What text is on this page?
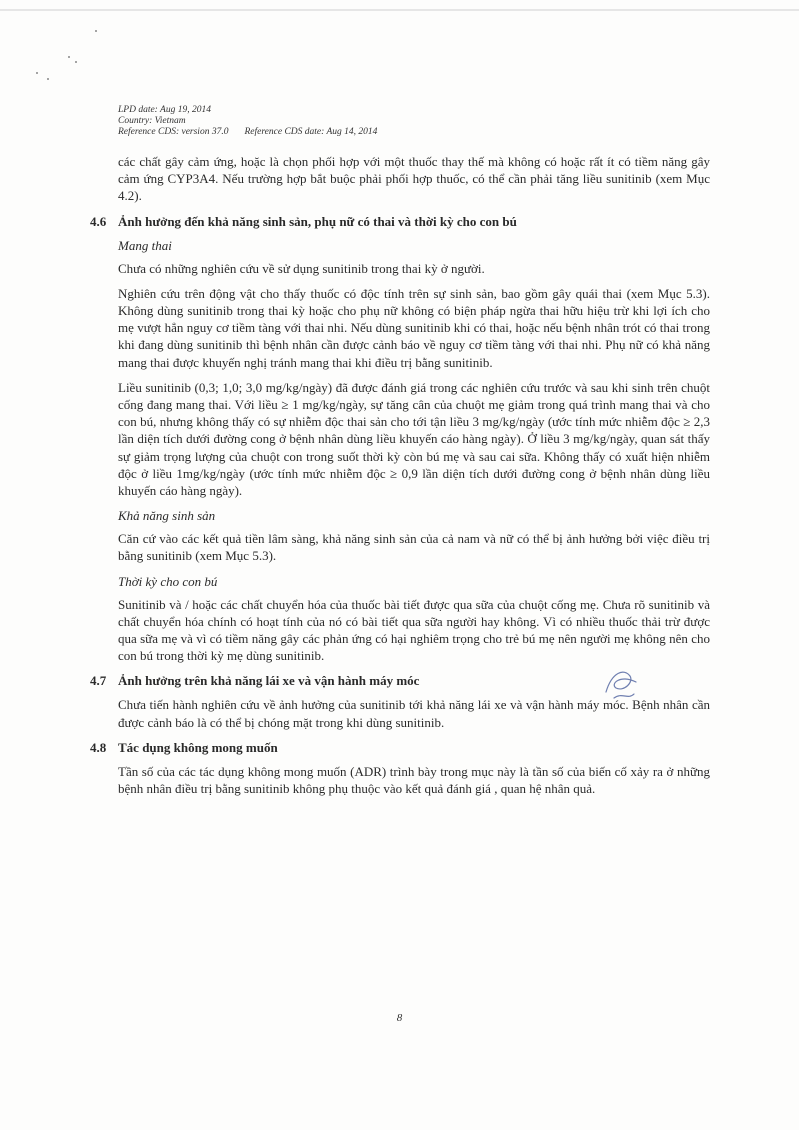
LPD date: Aug 19, 2014
Country: Vietnam
Reference CDS: version 37.0 Reference CDS date: Aug 14, 2014

các chất gây cảm ứng, hoặc là chọn phối hợp với một thuốc thay thế mà không có hoặc rất ít có tiềm năng gây cảm ứng CYP3A4. Nếu trường hợp bắt buộc phải phối hợp thuốc, có thể cần phải tăng liều sunitinib (xem Mục 4.2).

4.6 Ảnh hưởng đến khả năng sinh sản, phụ nữ có thai và thời kỳ cho con bú
Mang thai

Chưa có những nghiên cứu về sử dụng sunitinib trong thai kỳ ở người.

Nghiên cứu trên động vật cho thấy thuốc có độc tính trên sự sinh sản, bao gồm gây quái thai (xem Mục 5.3). Không dùng sunitinib trong thai kỳ hoặc cho phụ nữ không có biện pháp ngừa thai hữu hiệu trừ khi lợi ích cho mẹ vượt hẳn nguy cơ tiềm tàng với thai nhi. Nếu dùng sunitinib khi có thai, hoặc nếu bệnh nhân trót có thai trong khi đang dùng sunitinib thì bệnh nhân cần được cảnh báo về nguy cơ tiềm tàng với thai nhi. Phụ nữ có khả năng mang thai được khuyến nghị tránh mang thai khi điều trị bằng sunitinib.

Liều sunitinib (0,3; 1,0; 3,0 mg/kg/ngày) đã được đánh giá trong các nghiên cứu trước và sau khi sinh trên chuột cống đang mang thai. Với liều ≥ 1 mg/kg/ngày, sự tăng cân của chuột mẹ giảm trong quá trình mang thai và cho con bú, nhưng không thấy có sự nhiễm độc thai sản cho tới tận liều 3 mg/kg/ngày (ước tính mức nhiễm độc ≥ 2,3 lần diện tích dưới đường cong ở bệnh nhân dùng liều khuyến cáo hàng ngày). Ở liều 3 mg/kg/ngày, quan sát thấy sự giảm trọng lượng của chuột con trong suốt thời kỳ còn bú mẹ và sau cai sữa. Không thấy có xuất hiện nhiễm độc ở liều 1mg/kg/ngày (ước tính mức nhiễm độc ≥ 0,9 lần diện tích dưới đường cong ở bệnh nhân dùng liều khuyến cáo hàng ngày).

Khả năng sinh sản

Căn cứ vào các kết quả tiền lâm sàng, khả năng sinh sản của cả nam và nữ có thể bị ảnh hưởng bởi việc điều trị bằng sunitinib (xem Mục 5.3).

Thời kỳ cho con bú

Sunitinib và / hoặc các chất chuyển hóa của thuốc bài tiết được qua sữa của chuột cống mẹ. Chưa rõ sunitinib và chất chuyển hóa chính có hoạt tính của nó có bài tiết qua sữa người hay không. Vì có nhiều thuốc thải trừ được qua sữa mẹ và vì có tiềm năng gây các phản ứng có hại nghiêm trọng cho trẻ bú mẹ nên người mẹ không nên cho con bú trong thời kỳ mẹ dùng sunitinib.

4.7 Ảnh hưởng trên khả năng lái xe và vận hành máy móc

Chưa tiến hành nghiên cứu về ảnh hưởng của sunitinib tới khả năng lái xe và vận hành máy móc. Bệnh nhân cần được cảnh báo là có thể bị chóng mặt trong khi dùng sunitinib.

4.8 Tác dụng không mong muốn

Tần số của các tác dụng không mong muốn (ADR) trình bày trong mục này là tần số của biến cố xảy ra ở những bệnh nhân điều trị bằng sunitinib không phụ thuộc vào kết quả đánh giá , quan hệ nhân quả.

8
